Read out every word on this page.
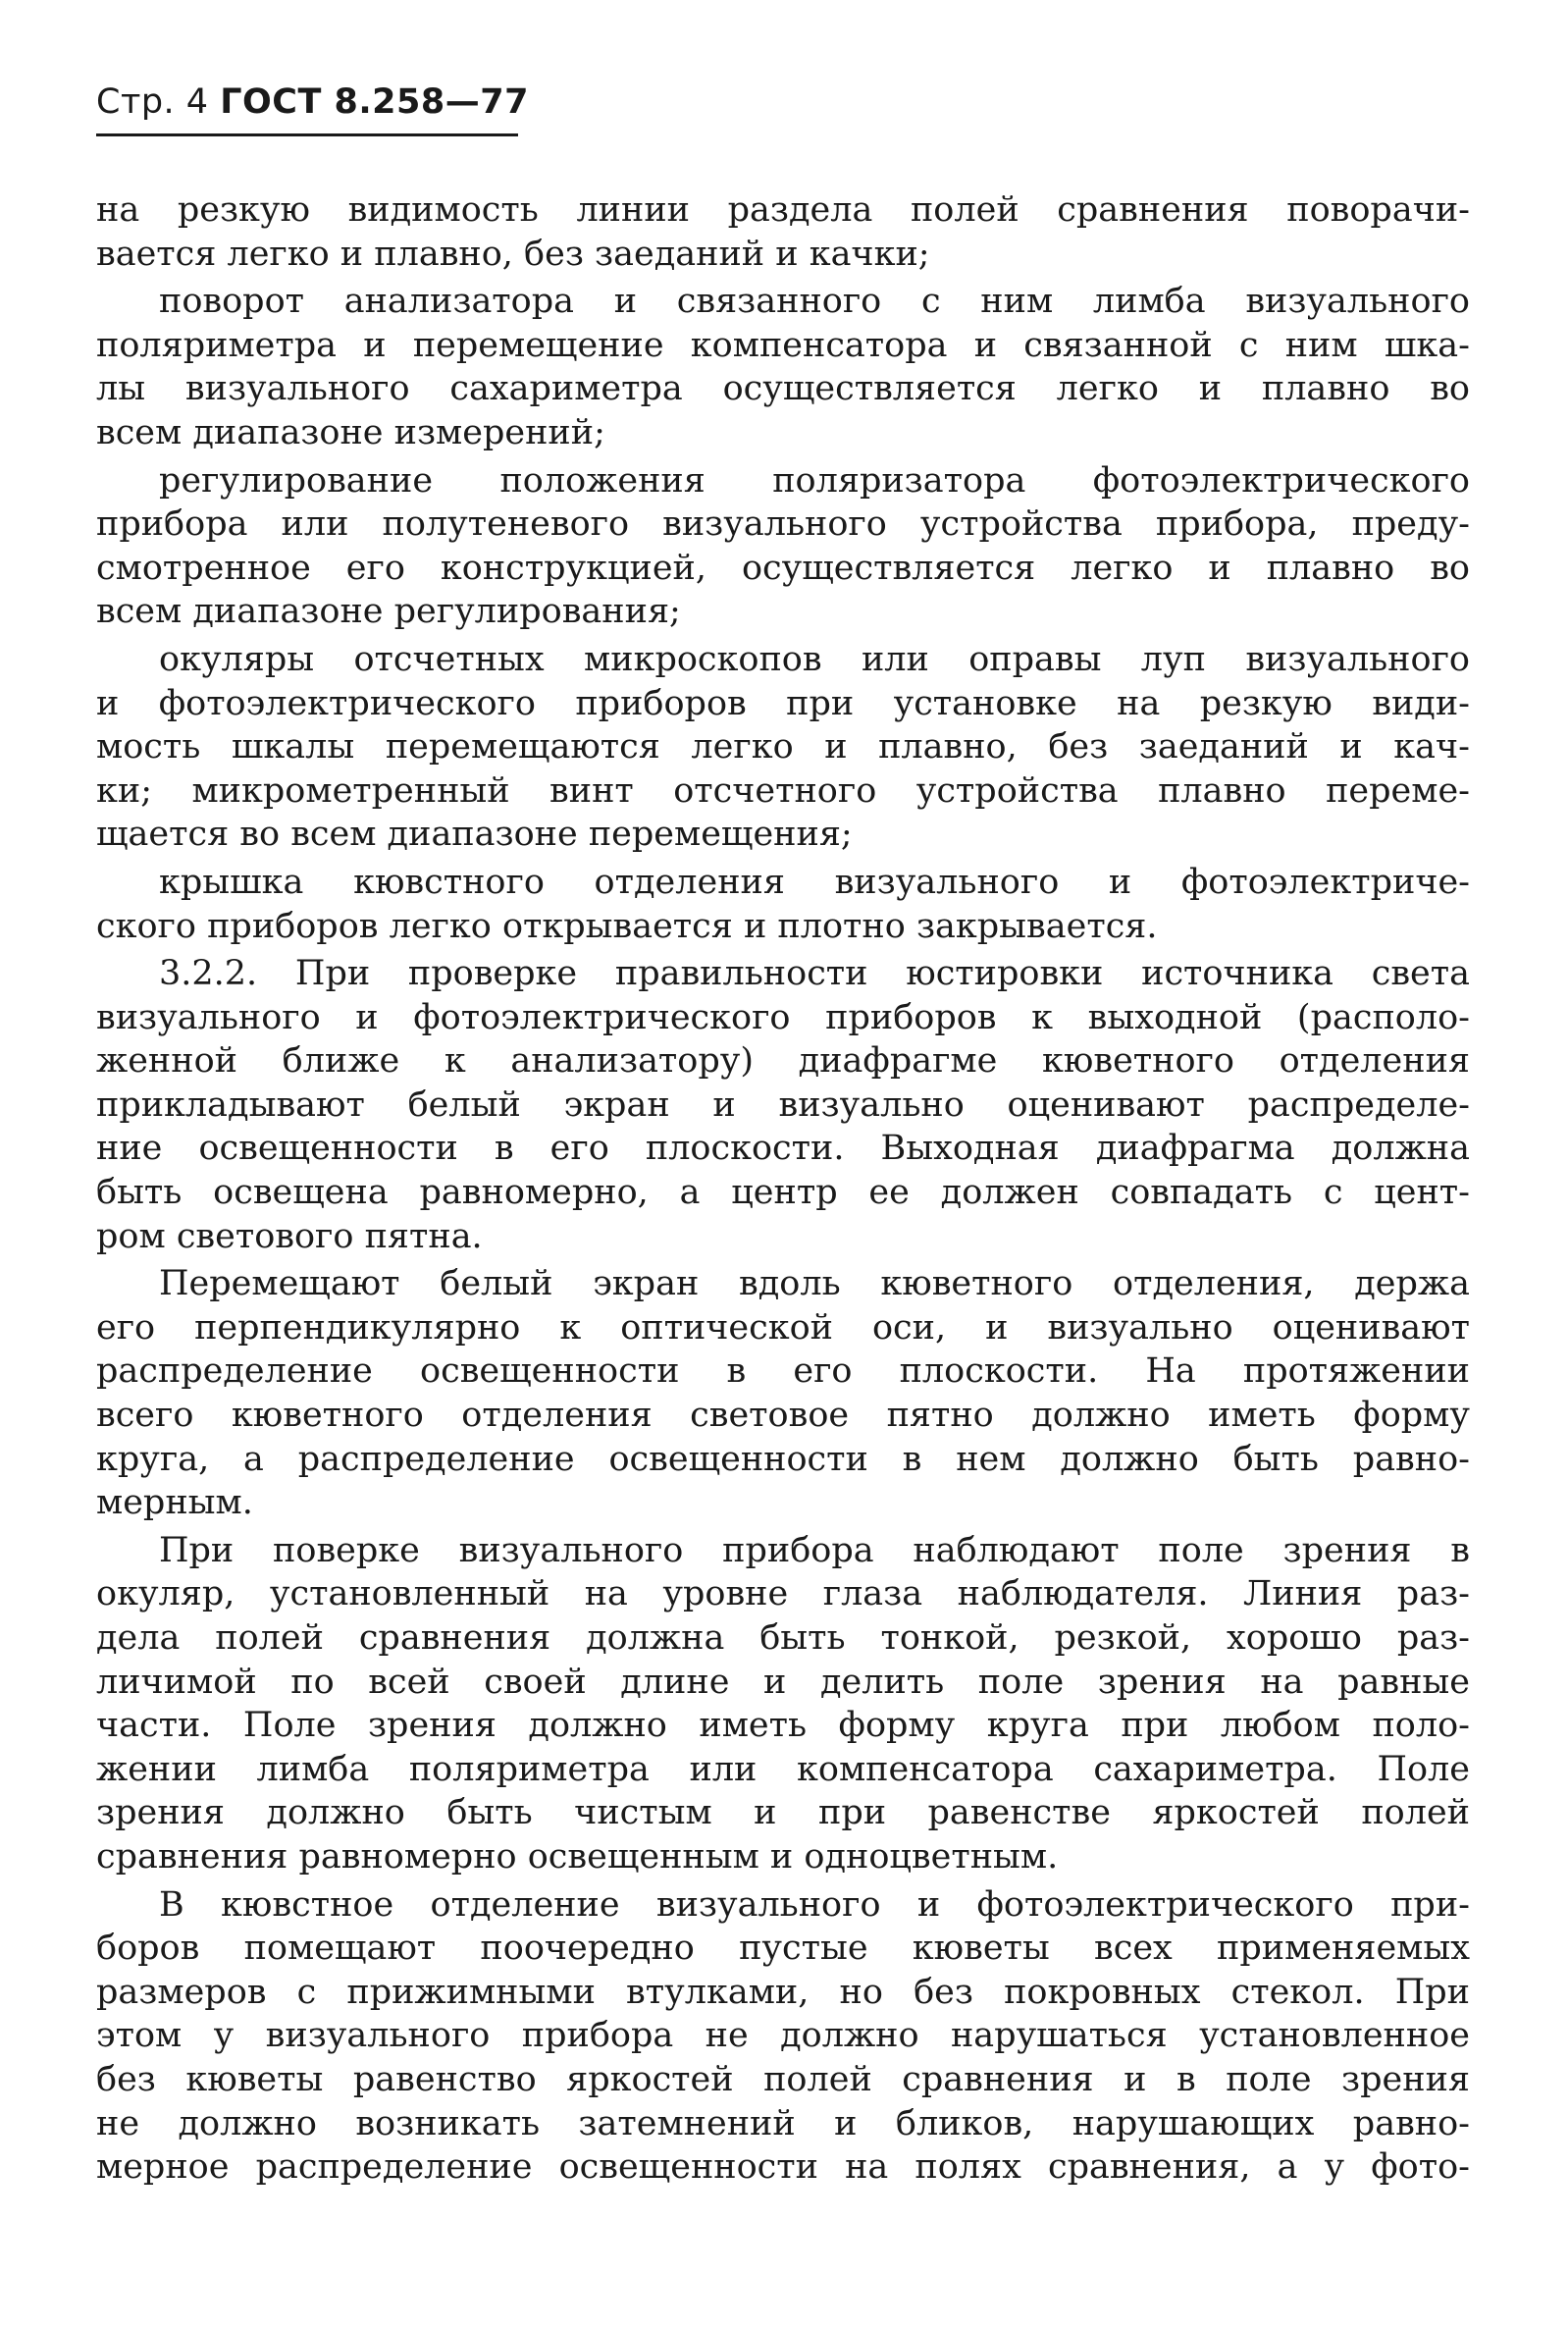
Стр. 4 ГОСТ 8.258—77

на резкую видимость линии раздела полей сравнения поворачи-
вается легко и плавно, без заеданий и качки;

поворот анализатора и связанного с ним лимба визуального
поляриметра и перемещение компенсатора и связанной с ним шка-
лы визуального сахариметра осуществляется легко и плавно во
всем диапазоне измерений;

регулирование положения поляризатора фотоэлектрического
прибора или полутеневого визуального устройства прибора, преду-
смотренное его конструкцией, осуществляется легко и плавно во
всем диапазоне регулирования;

окуляры отсчетных микроскопов или оправы луп визуального
и фотоэлектрического приборов при установке на резкую види-
мость шкалы перемещаются легко и плавно, без заеданий и кач-
ки; микрометренный винт отсчетного устройства плавно переме-
щается во всем диапазоне перемещения;

крышка кювстного отделения визуального и фотоэлектриче-
ского приборов легко открывается и плотно закрывается.

3.2.2. При проверке правильности юстировки источника света
визуального и фотоэлектрического приборов к выходной (располо-
женной ближе к анализатору) диафрагме кюветного отделения
прикладывают белый экран и визуально оценивают распределе-
ние освещенности в его плоскости. Выходная диафрагма должна
быть освещена равномерно, а центр ее должен совпадать с цент-
ром светового пятна.

Перемещают белый экран вдоль кюветного отделения, держа
его перпендикулярно к оптической оси, и визуально оценивают
распределение освещенности в его плоскости. На протяжении
всего кюветного отделения световое пятно должно иметь форму
круга, а распределение освещенности в нем должно быть равно-
мерным.

При поверке визуального прибора наблюдают поле зрения в
окуляр, установленный на уровне глаза наблюдателя. Линия раз-
дела полей сравнения должна быть тонкой, резкой, хорошо раз-
личимой по всей своей длине и делить поле зрения на равные
части. Поле зрения должно иметь форму круга при любом поло-
жении лимба поляриметра или компенсатора сахариметра. Поле
зрения должно быть чистым и при равенстве яркостей полей
сравнения равномерно освещенным и одноцветным.

В кювстное отделение визуального и фотоэлектрического при-
боров помещают поочередно пустые кюветы всех применяемых
размеров с прижимными втулками, но без покровных стекол. При
этом у визуального прибора не должно нарушаться установленное
без кюветы равенство яркостей полей сравнения и в поле зрения
не должно возникать затемнений и бликов, нарушающих равно-
мерное распределение освещенности на полях сравнения, а у фото-
